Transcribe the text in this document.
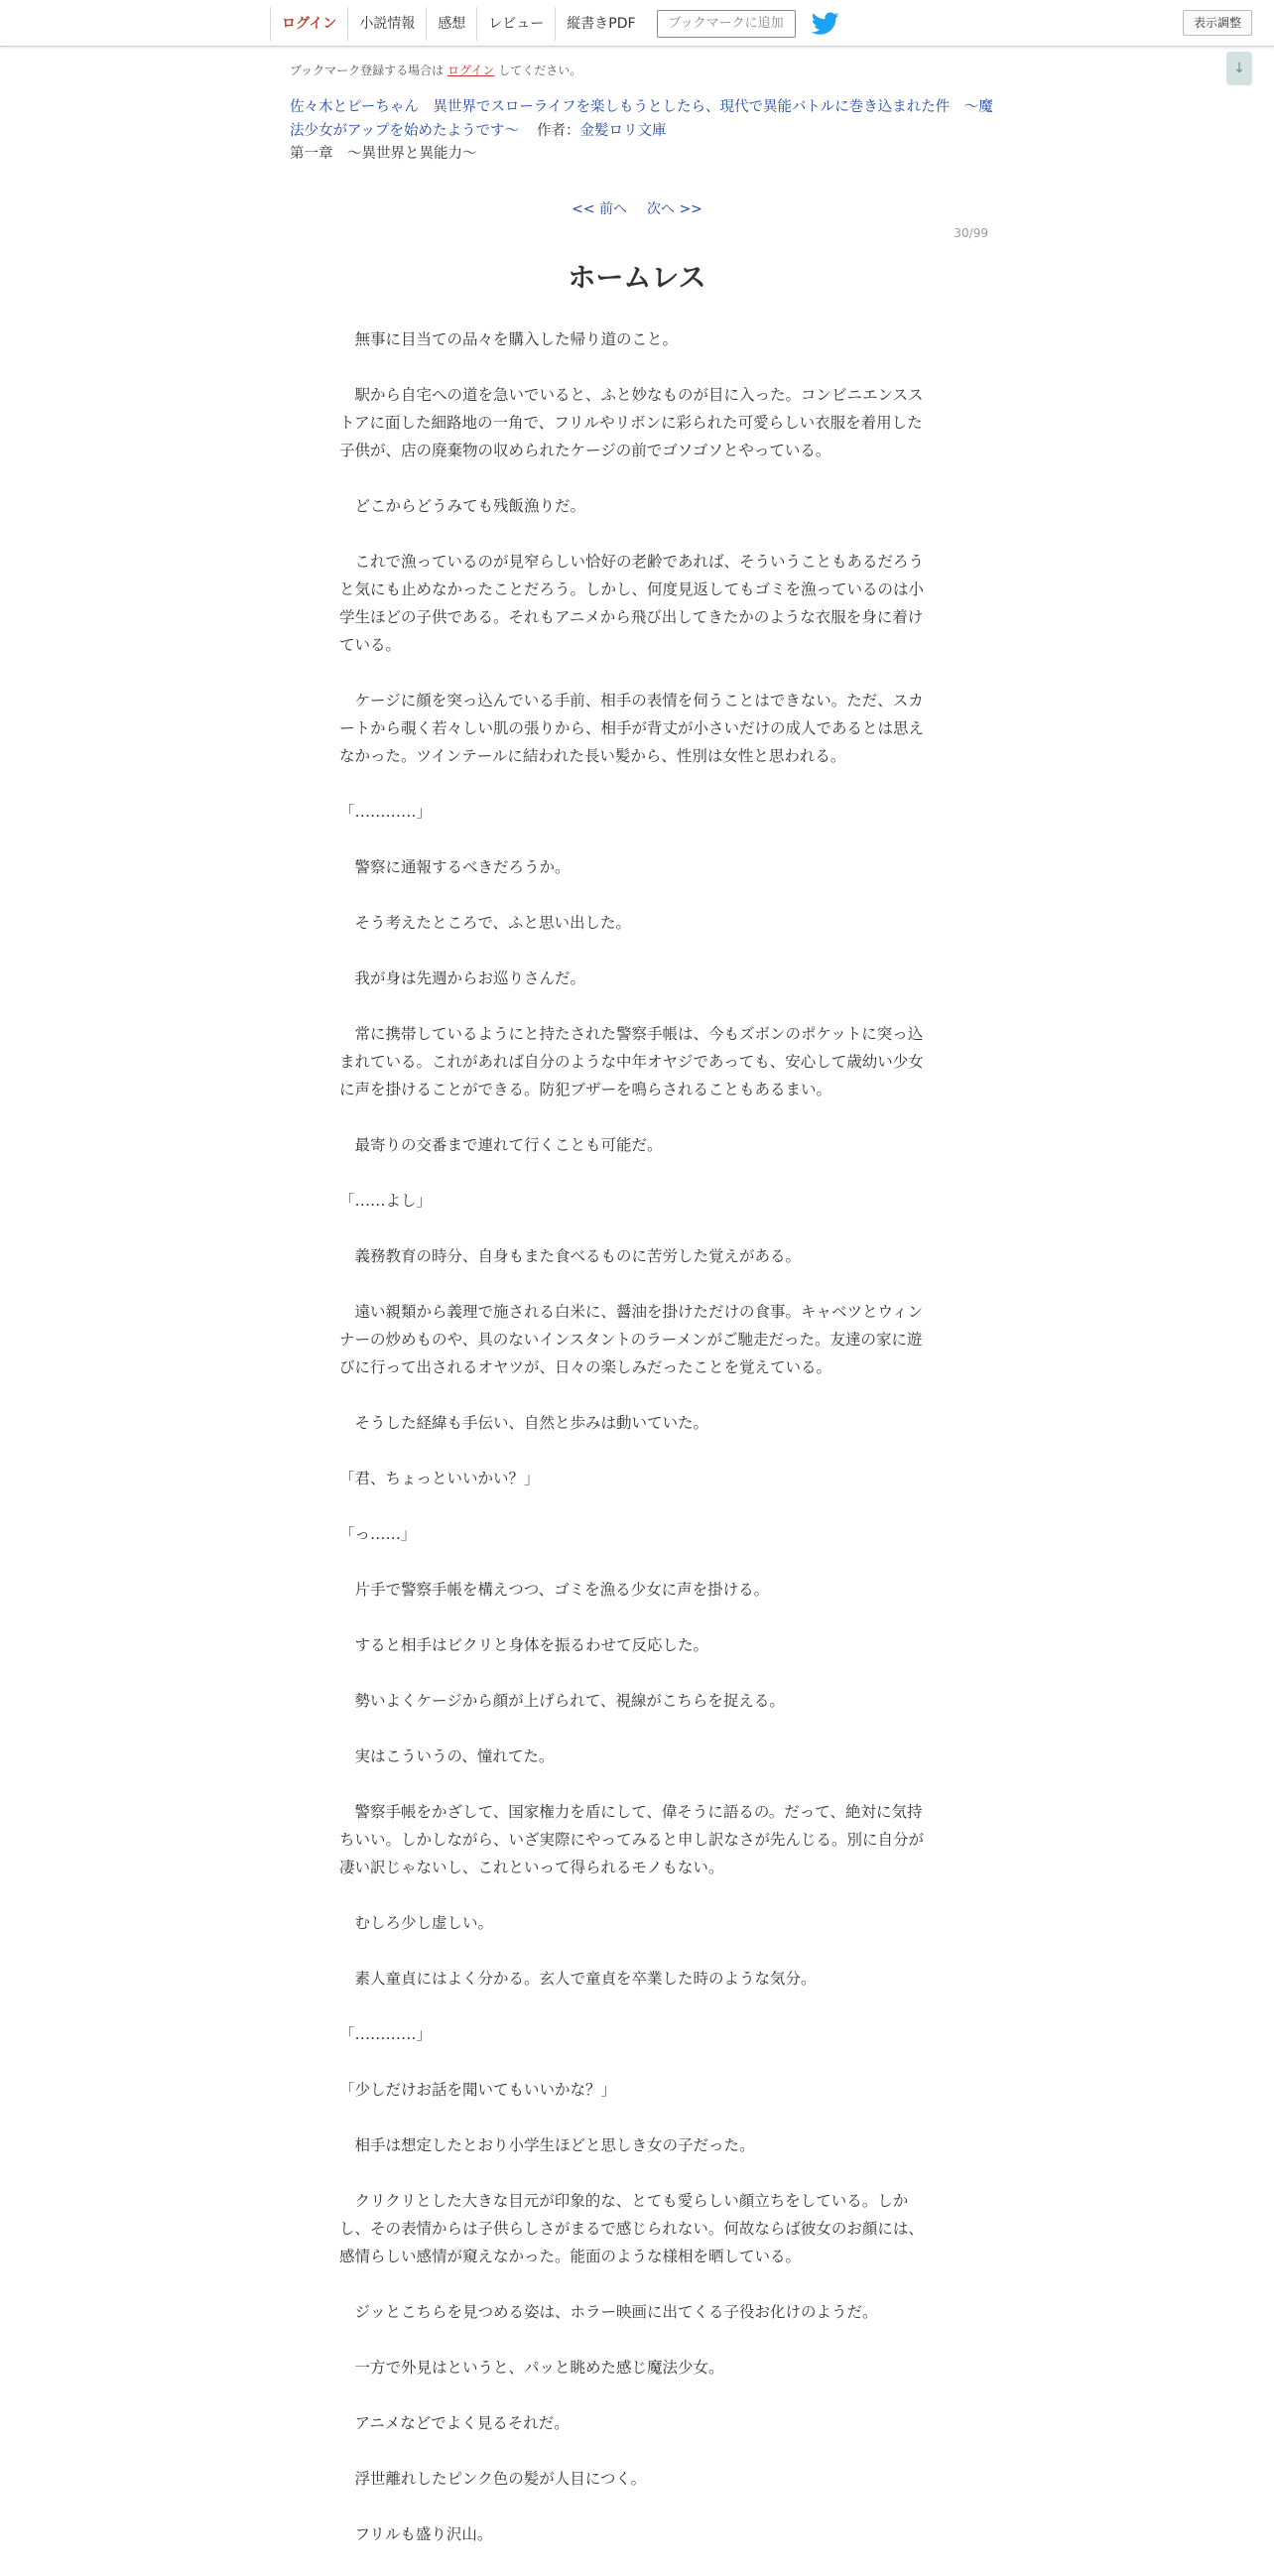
ログイン	小説情報	感想	レビュー	縦書きPDF	ブックマークに追加	表示調整
↓
ブックマーク登録する場合は ログイン してください。
佐々木とピーちゃん　異世界でスローライフを楽しもうとしたら、現代で異能バトルに巻き込まれた件　～魔法少女がアップを始めたようです～ 作者：金髪ロリ文庫
第一章　～異世界と異能力～
<< 前へ 次へ >>
30/99
ホームレス

　無事に目当ての品々を購入した帰り道のこと。

　駅から自宅への道を急いでいると、ふと妙なものが目に入った。コンビニエンスストアに面した細路地の一角で、フリルやリボンに彩られた可愛らしい衣服を着用した子供が、店の廃棄物の収められたケージの前でゴソゴソとやっている。

　どこからどうみても残飯漁りだ。

　これで漁っているのが見窄らしい恰好の老齢であれば、そういうこともあるだろうと気にも止めなかったことだろう。しかし、何度見返してもゴミを漁っているのは小学生ほどの子供である。それもアニメから飛び出してきたかのような衣服を身に着けている。

　ケージに顔を突っ込んでいる手前、相手の表情を伺うことはできない。ただ、スカートから覗く若々しい肌の張りから、相手が背丈が小さいだけの成人であるとは思えなかった。ツインテールに結われた長い髪から、性別は女性と思われる。

「…………」

　警察に通報するべきだろうか。

　そう考えたところで、ふと思い出した。

　我が身は先週からお巡りさんだ。

　常に携帯しているようにと持たされた警察手帳は、今もズボンのポケットに突っ込まれている。これがあれば自分のような中年オヤジであっても、安心して歳幼い少女に声を掛けることができる。防犯ブザーを鳴らされることもあるまい。

　最寄りの交番まで連れて行くことも可能だ。

「……よし」

　義務教育の時分、自身もまた食べるものに苦労した覚えがある。

　遠い親類から義理で施される白米に、醤油を掛けただけの食事。キャベツとウィンナーの炒めものや、具のないインスタントのラーメンがご馳走だった。友達の家に遊びに行って出されるオヤツが、日々の楽しみだったことを覚えている。

　そうした経緯も手伝い、自然と歩みは動いていた。

「君、ちょっといいかい？」

「っ……」

　片手で警察手帳を構えつつ、ゴミを漁る少女に声を掛ける。

　すると相手はビクリと身体を振るわせて反応した。

　勢いよくケージから顔が上げられて、視線がこちらを捉える。

　実はこういうの、憧れてた。

　警察手帳をかざして、国家権力を盾にして、偉そうに語るの。だって、絶対に気持ちいい。しかしながら、いざ実際にやってみると申し訳なさが先んじる。別に自分が凄い訳じゃないし、これといって得られるモノもない。

　むしろ少し虚しい。

　素人童貞にはよく分かる。玄人で童貞を卒業した時のような気分。

「…………」

「少しだけお話を聞いてもいいかな？」

　相手は想定したとおり小学生ほどと思しき女の子だった。

　クリクリとした大きな目元が印象的な、とても愛らしい顔立ちをしている。しかし、その表情からは子供らしさがまるで感じられない。何故ならば彼女のお顔には、感情らしい感情が窺えなかった。能面のような様相を晒している。

　ジッとこちらを見つめる姿は、ホラー映画に出てくる子役お化けのようだ。

　一方で外見はというと、パッと眺めた感じ魔法少女。

　アニメなどでよく見るそれだ。

　浮世離れしたピンク色の髪が人目につく。

　フリルも盛り沢山。
